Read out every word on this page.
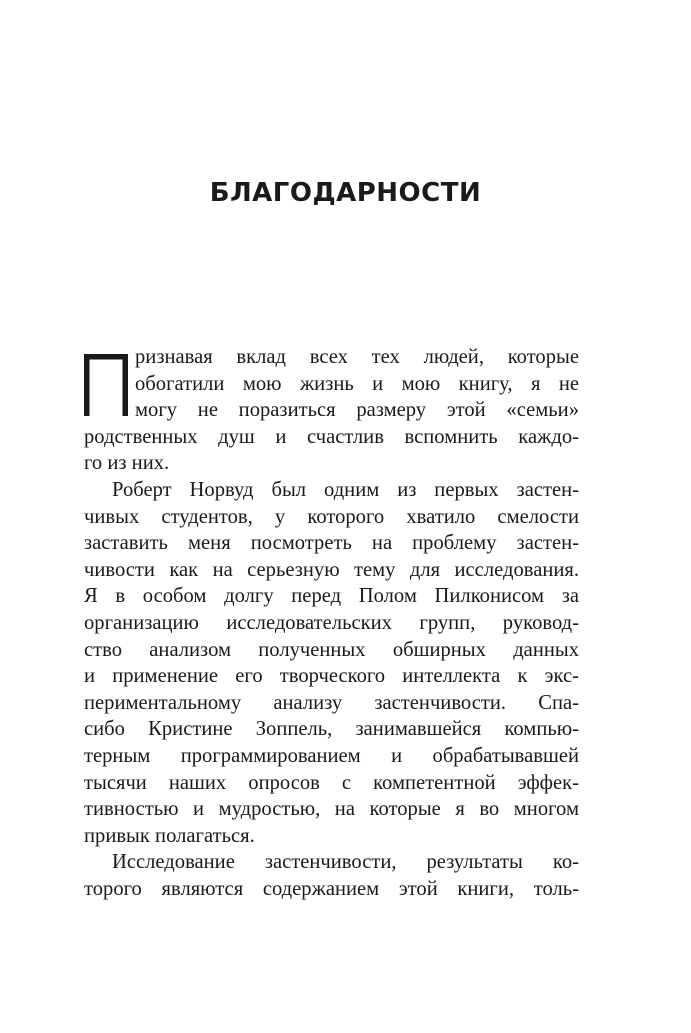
БЛАГОДАРНОСТИ
ризнавая вклад всех тех людей, которые
обогатили мою жизнь и мою книгу, я не
могу не поразиться размеру этой «семьи»
родственных душ и счастлив вспомнить каждо-
го из них.
Роберт Норвуд был одним из первых застен-
чивых студентов, у которого хватило смелости
заставить меня посмотреть на проблему застен-
чивости как на серьезную тему для исследования.
Я в особом долгу перед Полом Пилконисом за
организацию исследовательских групп, руковод-
ство анализом полученных обширных данных
и применение его творческого интеллекта к экс-
периментальному анализу застенчивости. Спа-
сибо Кристине Зоппель, занимавшейся компью-
терным программированием и обрабатывавшей
тысячи наших опросов с компетентной эффек-
тивностью и мудростью, на которые я во многом
привык полагаться.
Исследование застенчивости, результаты ко-
торого являются содержанием этой книги, толь-
